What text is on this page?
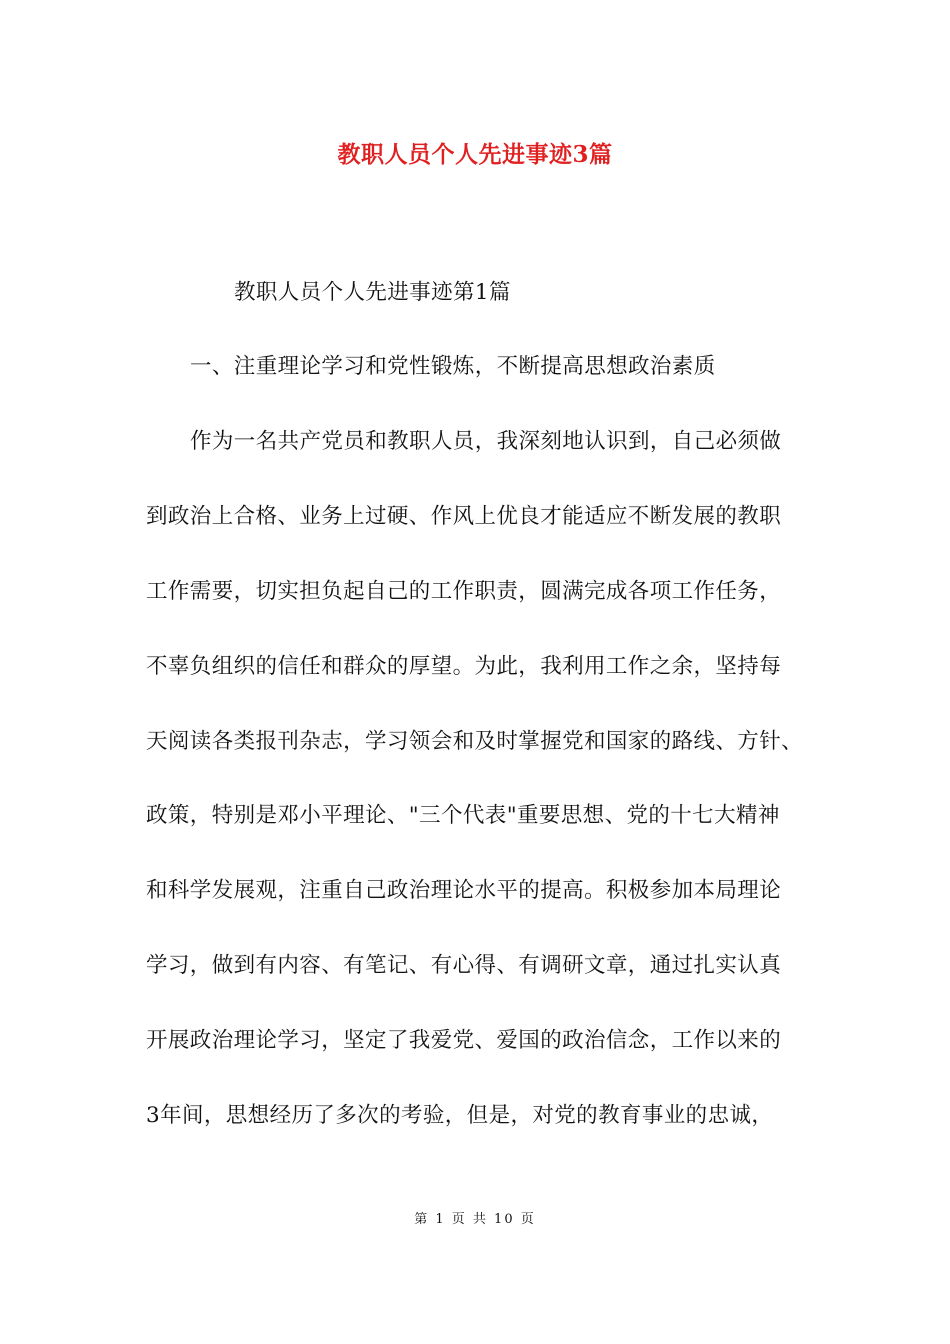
教职人员个人先进事迹3篇
教职人员个人先进事迹第1篇
一、注重理论学习和党性锻炼，不断提高思想政治素质
作为一名共产党员和教职人员，我深刻地认识到，自己必须做
到政治上合格、业务上过硬、作风上优良才能适应不断发展的教职
工作需要，切实担负起自己的工作职责，圆满完成各项工作任务，
不辜负组织的信任和群众的厚望。为此，我利用工作之余，坚持每
天阅读各类报刊杂志，学习领会和及时掌握党和国家的路线、方针、
政策，特别是邓小平理论、"三个代表"重要思想、党的十七大精神
和科学发展观，注重自己政治理论水平的提高。积极参加本局理论
学习，做到有内容、有笔记、有心得、有调研文章，通过扎实认真
开展政治理论学习，坚定了我爱党、爱国的政治信念，工作以来的
3年间，思想经历了多次的考验，但是，对党的教育事业的忠诚，
第 1 页 共 10 页
